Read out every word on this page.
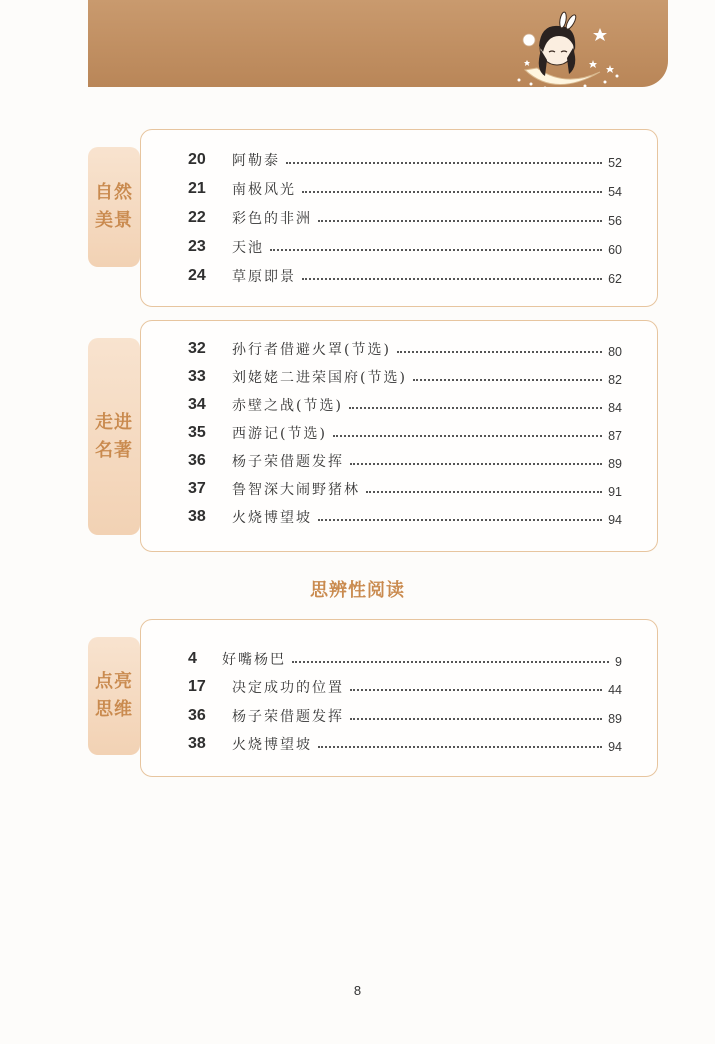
自然
美景
20	阿勒泰	52
21	南极风光	54
22	彩色的非洲	56
23	天池	60
24	草原即景	62
走进
名著
32	孙行者借避火罩(节选)	80
33	刘姥姥二进荣国府(节选)	82
34	赤壁之战(节选)	84
35	西游记(节选)	87
36	杨子荣借题发挥	89
37	鲁智深大闹野猪林	91
38	火烧博望坡	94
思辨性阅读
点亮
思维
4	好嘴杨巴	9
17	决定成功的位置	44
36	杨子荣借题发挥	89
38	火烧博望坡	94
8
